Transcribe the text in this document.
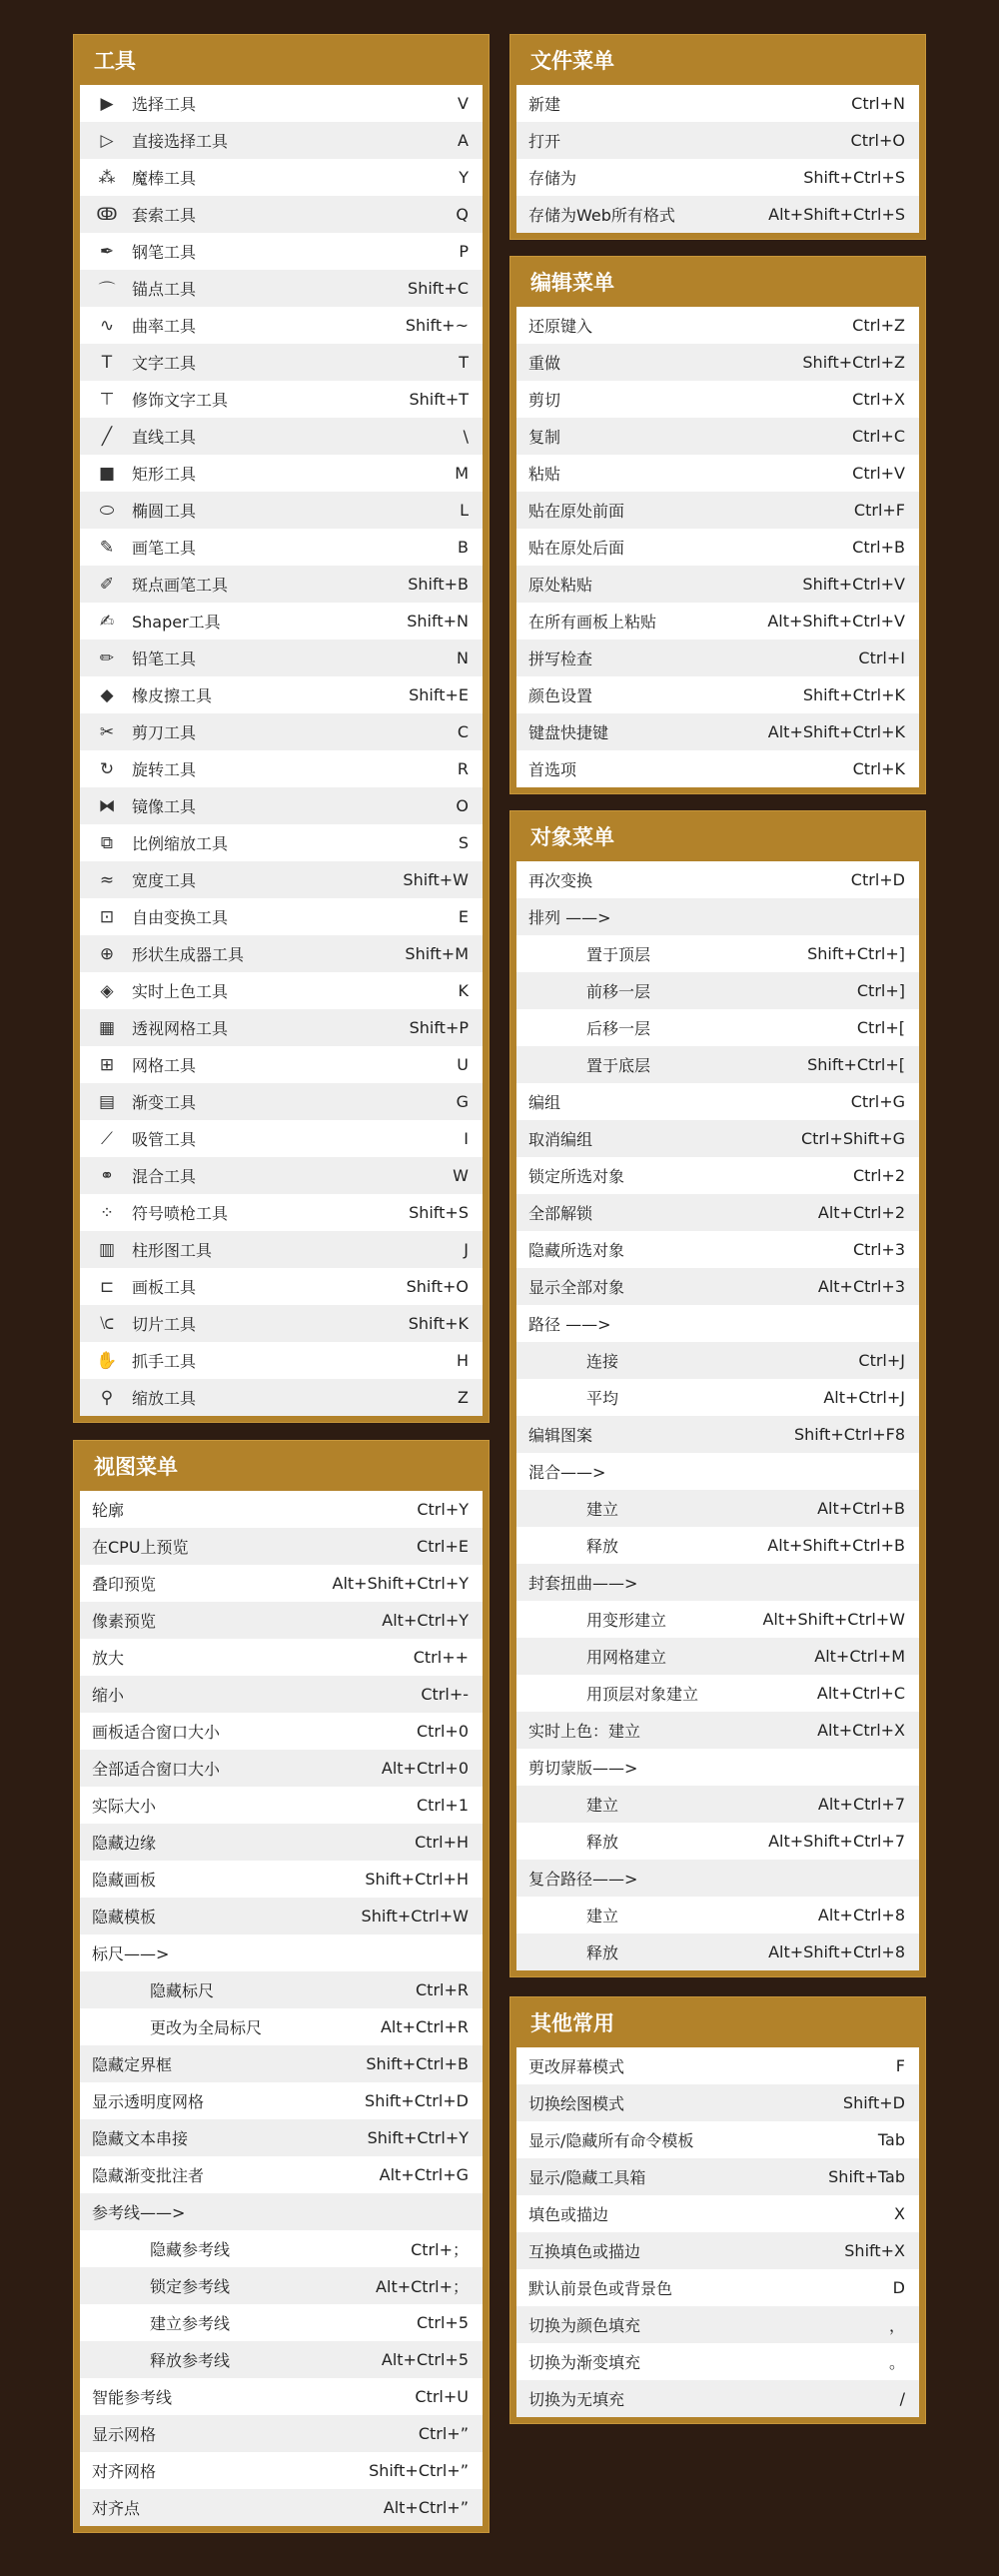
工具
▶	选择工具	V
▷	直接选择工具	A
⁂ 魔棒工具	Y
ↂ 套索工具	Q
✒	钢笔工具	P
⌒ 锚点工具	Shift+C
∿	曲率工具	Shift+~
T	文字工具	T
⊤	修饰文字工具	Shift+T
╱	直线工具	\
■	矩形工具	M
⬭	椭圆工具	L
✎	画笔工具	B
✐	斑点画笔工具	Shift+B
✍	Shaper工具	Shift+N
✏	铅笔工具	N
◆	橡皮擦工具	Shift+E
✂	剪刀工具	C
↻	旋转工具	R
⧓ 镜像工具	O
⧉	比例缩放工具	S
≈	宽度工具	Shift+W
⊡	自由变换工具	E
⊕	形状生成器工具	Shift+M
◈	实时上色工具	K
▦	透视网格工具	Shift+P
⊞	网格工具	U
▤	渐变工具	G
⟋	吸管工具	I
⚭	混合工具	W
⁘	符号喷枪工具	Shift+S
▥	柱形图工具	J
⊏	画板工具	Shift+O
⟈	切片工具	Shift+K
✋ 抓手工具	H
⚲	缩放工具	Z
视图菜单
轮廓	Ctrl+Y
在CPU上预览	Ctrl+E
叠印预览	Alt+Shift+Ctrl+Y
像素预览	Alt+Ctrl+Y
放大	Ctrl++
缩小	Ctrl+-
画板适合窗口大小	Ctrl+0
全部适合窗口大小	Alt+Ctrl+0
实际大小	Ctrl+1
隐藏边缘	Ctrl+H
隐藏画板	Shift+Ctrl+H
隐藏模板	Shift+Ctrl+W
标尺——>
隐藏标尺	Ctrl+R
更改为全局标尺	Alt+Ctrl+R
隐藏定界框	Shift+Ctrl+B
显示透明度网格	Shift+Ctrl+D
隐藏文本串接	Shift+Ctrl+Y
隐藏渐变批注者	Alt+Ctrl+G
参考线——>
隐藏参考线	Ctrl+；
锁定参考线	Alt+Ctrl+；
建立参考线	Ctrl+5
释放参考线	Alt+Ctrl+5
智能参考线	Ctrl+U
显示网格	Ctrl+”
对齐网格	Shift+Ctrl+”
对齐点	Alt+Ctrl+”
文件菜单
新建	Ctrl+N
打开	Ctrl+O
存储为	Shift+Ctrl+S
存储为Web所有格式	Alt+Shift+Ctrl+S
编辑菜单
还原键入	Ctrl+Z
重做	Shift+Ctrl+Z
剪切	Ctrl+X
复制	Ctrl+C
粘贴	Ctrl+V
贴在原处前面	Ctrl+F
贴在原处后面	Ctrl+B
原处粘贴	Shift+Ctrl+V
在所有画板上粘贴	Alt+Shift+Ctrl+V
拼写检查	Ctrl+I
颜色设置	Shift+Ctrl+K
键盘快捷键	Alt+Shift+Ctrl+K
首选项	Ctrl+K
对象菜单
再次变换	Ctrl+D
排列 ——>
置于顶层	Shift+Ctrl+]
前移一层	Ctrl+]
后移一层	Ctrl+[
置于底层	Shift+Ctrl+[
编组	Ctrl+G
取消编组	Ctrl+Shift+G
锁定所选对象	Ctrl+2
全部解锁	Alt+Ctrl+2
隐藏所选对象	Ctrl+3
显示全部对象	Alt+Ctrl+3
路径 ——>
连接	Ctrl+J
平均	Alt+Ctrl+J
编辑图案	Shift+Ctrl+F8
混合——>
建立	Alt+Ctrl+B
释放	Alt+Shift+Ctrl+B
封套扭曲——>
用变形建立	Alt+Shift+Ctrl+W
用网格建立	Alt+Ctrl+M
用顶层对象建立	Alt+Ctrl+C
实时上色：建立	Alt+Ctrl+X
剪切蒙版——>
建立	Alt+Ctrl+7
释放	Alt+Shift+Ctrl+7
复合路径——>
建立	Alt+Ctrl+8
释放	Alt+Shift+Ctrl+8
其他常用
更改屏幕模式	F
切换绘图模式	Shift+D
显示/隐藏所有命令模板	Tab
显示/隐藏工具箱	Shift+Tab
填色或描边	X
互换填色或描边	Shift+X
默认前景色或背景色	D
切换为颜色填充	，
切换为渐变填充	。
切换为无填充	/
